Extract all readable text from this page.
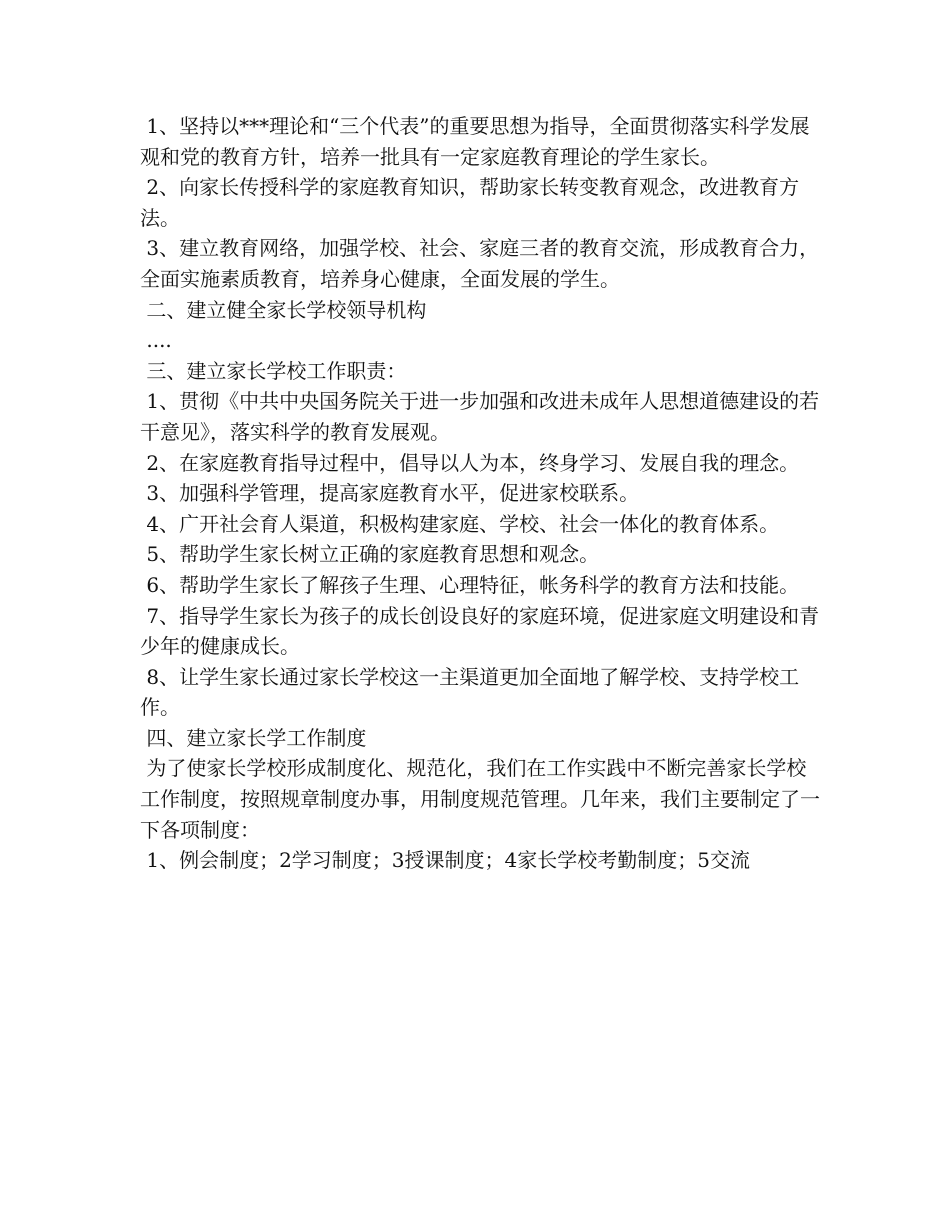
1、坚持以***理论和“三个代表”的重要思想为指导，全面贯彻落实科学发展观和党的教育方针，培养一批具有一定家庭教育理论的学生家长。

2、向家长传授科学的家庭教育知识，帮助家长转变教育观念，改进教育方法。

3、建立教育网络，加强学校、社会、家庭三者的教育交流，形成教育合力，全面实施素质教育，培养身心健康，全面发展的学生。

二、建立健全家长学校领导机构

....

三、建立家长学校工作职责：

1、贯彻《中共中央国务院关于进一步加强和改进未成年人思想道德建设的若干意见》，落实科学的教育发展观。

2、在家庭教育指导过程中，倡导以人为本，终身学习、发展自我的理念。

3、加强科学管理，提高家庭教育水平，促进家校联系。

4、广开社会育人渠道，积极构建家庭、学校、社会一体化的教育体系。

5、帮助学生家长树立正确的家庭教育思想和观念。

6、帮助学生家长了解孩子生理、心理特征，帐务科学的教育方法和技能。

7、指导学生家长为孩子的成长创设良好的家庭环境，促进家庭文明建设和青少年的健康成长。

8、让学生家长通过家长学校这一主渠道更加全面地了解学校、支持学校工作。

四、建立家长学工作制度

为了使家长学校形成制度化、规范化，我们在工作实践中不断完善家长学校工作制度，按照规章制度办事，用制度规范管理。几年来，我们主要制定了一下各项制度：

1、例会制度；2学习制度；3授课制度；4家长学校考勤制度；5交流
